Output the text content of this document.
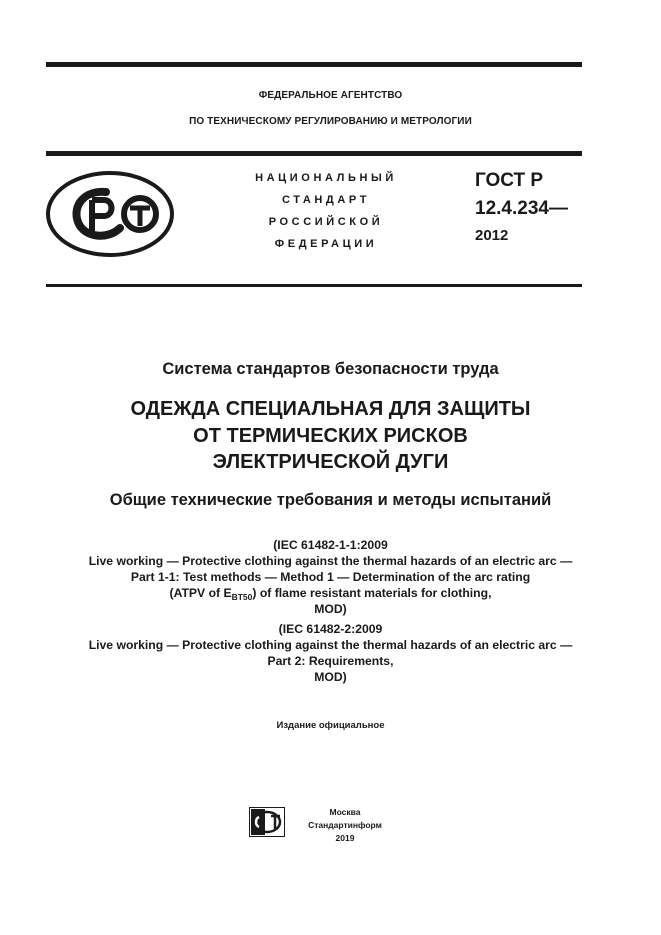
ФЕДЕРАЛЬНОЕ АГЕНТСТВО
ПО ТЕХНИЧЕСКОМУ РЕГУЛИРОВАНИЮ И МЕТРОЛОГИИ
НАЦИОНАЛЬНЫЙ
СТАНДАРТ
РОССИЙСКОЙ
ФЕДЕРАЦИИ
ГОСТ Р
12.4.234—
2012
Система стандартов безопасности труда
ОДЕЖДА СПЕЦИАЛЬНАЯ ДЛЯ ЗАЩИТЫ
ОТ ТЕРМИЧЕСКИХ РИСКОВ
ЭЛЕКТРИЧЕСКОЙ ДУГИ
Общие технические требования и методы испытаний
(IEC 61482-1-1:2009
Live working — Protective clothing against the thermal hazards of an electric arc —
Part 1-1: Test methods — Method 1 — Determination of the arc rating
(ATPV of $E_{BT50}$) of flame resistant materials for clothing,
MOD)
(IEC 61482-2:2009
Live working — Protective clothing against the thermal hazards of an electric arc —
Part 2: Requirements,
MOD)
Издание официальное
Москва
Стандартинформ
2019
